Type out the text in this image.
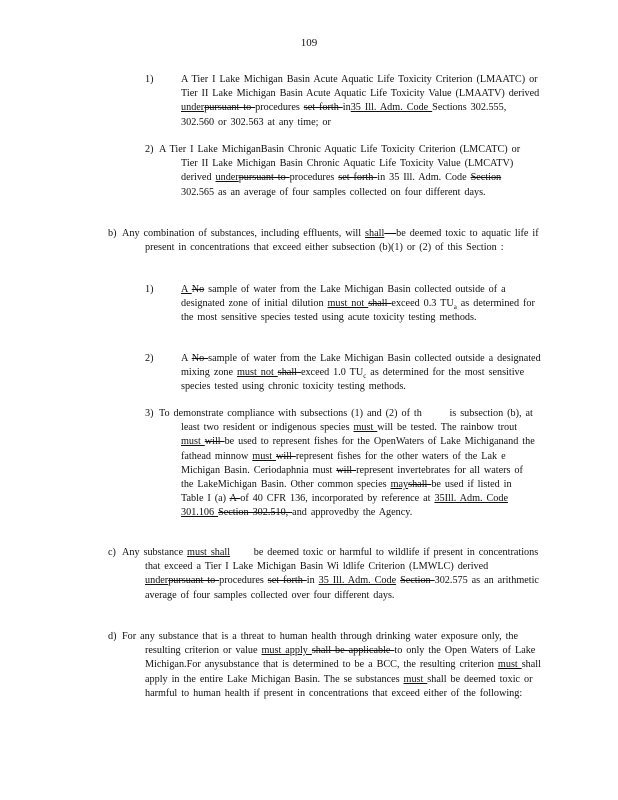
109
1)	A Tier I Lake Michigan Basin Acute Aquatic Life Toxicity Criterion (LMAATC) or Tier II Lake Michigan Basin Acute Aquatic Life Toxicity Value (LMAATV) derived underpursuant to procedures set forth in35 Ill. Adm. Code Sections 302.555, 302.560 or 302.563 at any time; or
2) A Tier I Lake MichiganBasin Chronic Aquatic Life Toxicity Criterion (LMCATC) or Tier II Lake Michigan Basin Chronic Aquatic Life Toxicity Value (LMCATV) derived underpursuant to procedures set forth in 35 Ill. Adm. Code Section 302.565 as an average of four samples collected on four different days.
b) Any combination of substances, including effluents, will shall be deemed toxic to aquatic life if present in concentrations that exceed either subsection (b)(1) or (2) of this Section :
1)	A No sample of water from the Lake Michigan Basin collected outside of a designated zone of initial dilution must not shall exceed 0.3 $TU_a$ as determined for the most sensitive species tested using acute toxicity testing methods.
2)	A No sample of water from the Lake Michigan Basin collected outside a designated mixing zone must not shall exceed 1.0 $TU_c$ as determined for the most sensitive species tested using chronic toxicity testing methods.
3) To demonstrate compliance with subsections (1) and (2) of th       is subsection (b), at least two resident or indigenous species must will be tested. The rainbow trout must will be used to represent fishes for the OpenWaters of Lake Michiganand the fathead minnow must will represent fishes for the other waters of the Lak e Michigan Basin. Ceriodaphnia must will represent invertebrates for all waters of the LakeMichigan Basin. Other common species mayshall be used if listed in Table I (a) A of 40 CFR 136, incorporated by reference at 35Ill. Adm. Code 301.106 Section 302.510, and approvedby the Agency.
c) Any substance must shall      be deemed toxic or harmful to wildlife if present in concentrations that exceed a Tier I Lake Michigan Basin Wi ldlife Criterion (LMWLC) derived underpursuant to procedures set forth in 35 Ill. Adm. Code Section 302.575 as an arithmetic average of four samples collected over four different days.
d) For any substance that is a threat to human health through drinking water exposure only, the resulting criterion or value must apply shall be applicable to only the Open Waters of Lake Michigan.For anysubstance that is determined to be a BCC, the resulting criterion must shall apply in the entire Lake Michigan Basin. The se substances must shall be deemed toxic or harmful to human health if present in concentrations that exceed either of the following:
